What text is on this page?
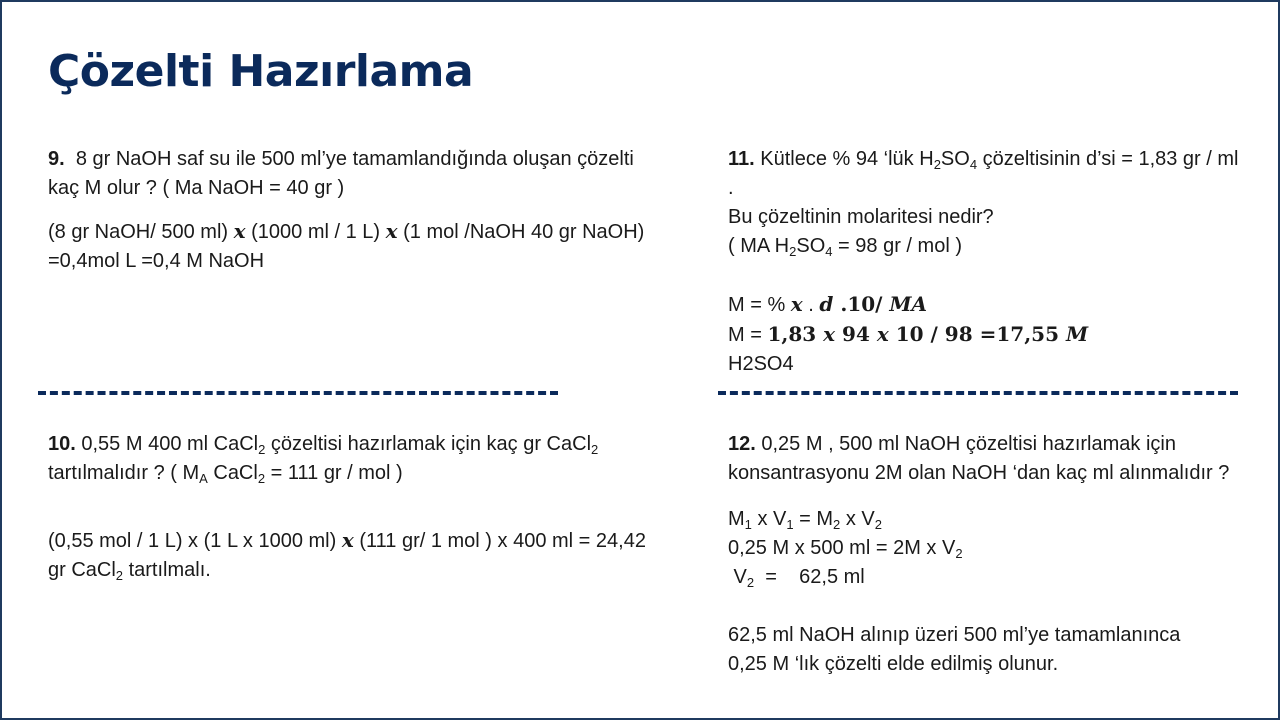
Çözelti Hazırlama

9. 8 gr NaOH saf su ile 500 ml’ye tamamlandığında oluşan çözelti kaç M olur ? ( Ma NaOH = 40 gr )

(8 gr NaOH/ 500 ml) x (1000 ml / 1 L) x (1 mol /NaOH 40 gr NaOH) =0,4mol L =0,4 M NaOH

11. Kütlece % 94 ‘lük $H_2SO_4$ çözeltisinin d’si = 1,83 gr / ml .

Bu çözeltinin molaritesi nedir?

( MA $H_2SO_4 = 98$ gr / mol )

M = % x . d .10/ MA

M = 1,83 x 94 x 10 / 98 =17,55 M

H2SO4

10. 0,55 M 400 ml CaCl$_2$ çözeltisi hazırlamak için kaç gr CaCl$_2$ tartılmalıdır ? ( $M_A$ CaCl$_2$ = 111 gr / mol )

(0,55 mol / 1 L) x (1 L x 1000 ml) x (111 gr/ 1 mol ) x 400 ml = 24,42 gr CaCl$_2$ tartılmalı.

12. 0,25 M , 500 ml NaOH çözeltisi hazırlamak için konsantrasyonu 2M olan NaOH ‘dan kaç ml alınmalıdır ?

$M_1$ x $V_1 = M_2$ x $V_2$

0,25 M x 500 ml = 2M x $V_2$

$V_2$  =    62,5 ml

62,5 ml NaOH alınıp üzeri 500 ml’ye tamamlanınca

0,25 M ‘lık çözelti elde edilmiş olunur.
